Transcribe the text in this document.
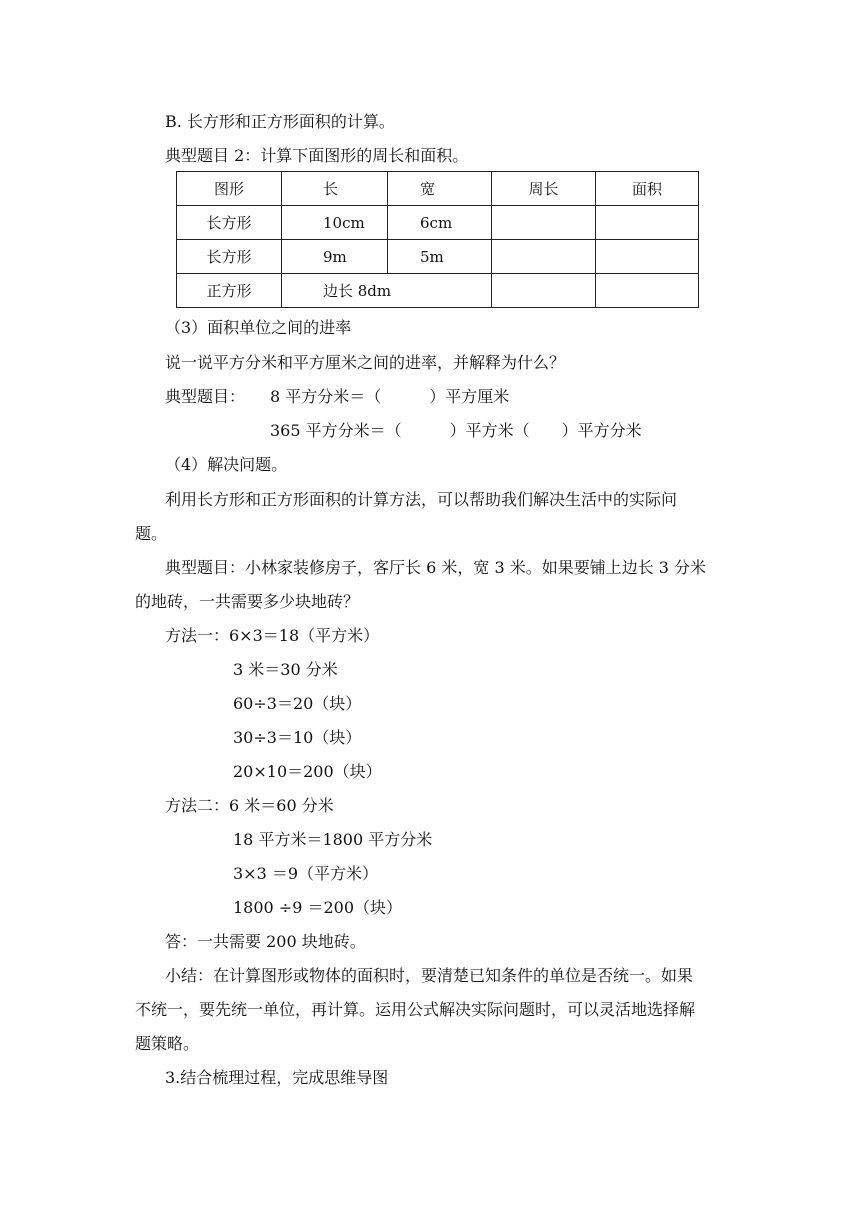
B. 长方形和正方形面积的计算。
典型题目 2：计算下面图形的周长和面积。
图形	长	宽	周长	面积
长方形	10cm	6cm		
长方形	9m	5m		
正方形	边长 8dm			
（3）面积单位之间的进率
说一说平方分米和平方厘米之间的进率，并解释为什么？
典型题目： 8 平方分米＝（　　　）平方厘米
365 平方分米＝（　　　）平方米（　　）平方分米
（4）解决问题。
利用长方形和正方形面积的计算方法，可以帮助我们解决生活中的实际问
题。
典型题目：小林家装修房子，客厅长 6 米，宽 3 米。如果要铺上边长 3 分米
的地砖，一共需要多少块地砖？
方法一：6×3＝18（平方米）
3 米＝30 分米
60÷3＝20（块）
30÷3＝10（块）
20×10＝200（块）
方法二：6 米＝60 分米
18 平方米＝1800 平方分米
3×3 ＝9（平方米）
1800 ÷9 ＝200（块）
答：一共需要 200 块地砖。
小结：在计算图形或物体的面积时，要清楚已知条件的单位是否统一。如果
不统一，要先统一单位，再计算。运用公式解决实际问题时，可以灵活地选择解
题策略。
3.结合梳理过程，完成思维导图
